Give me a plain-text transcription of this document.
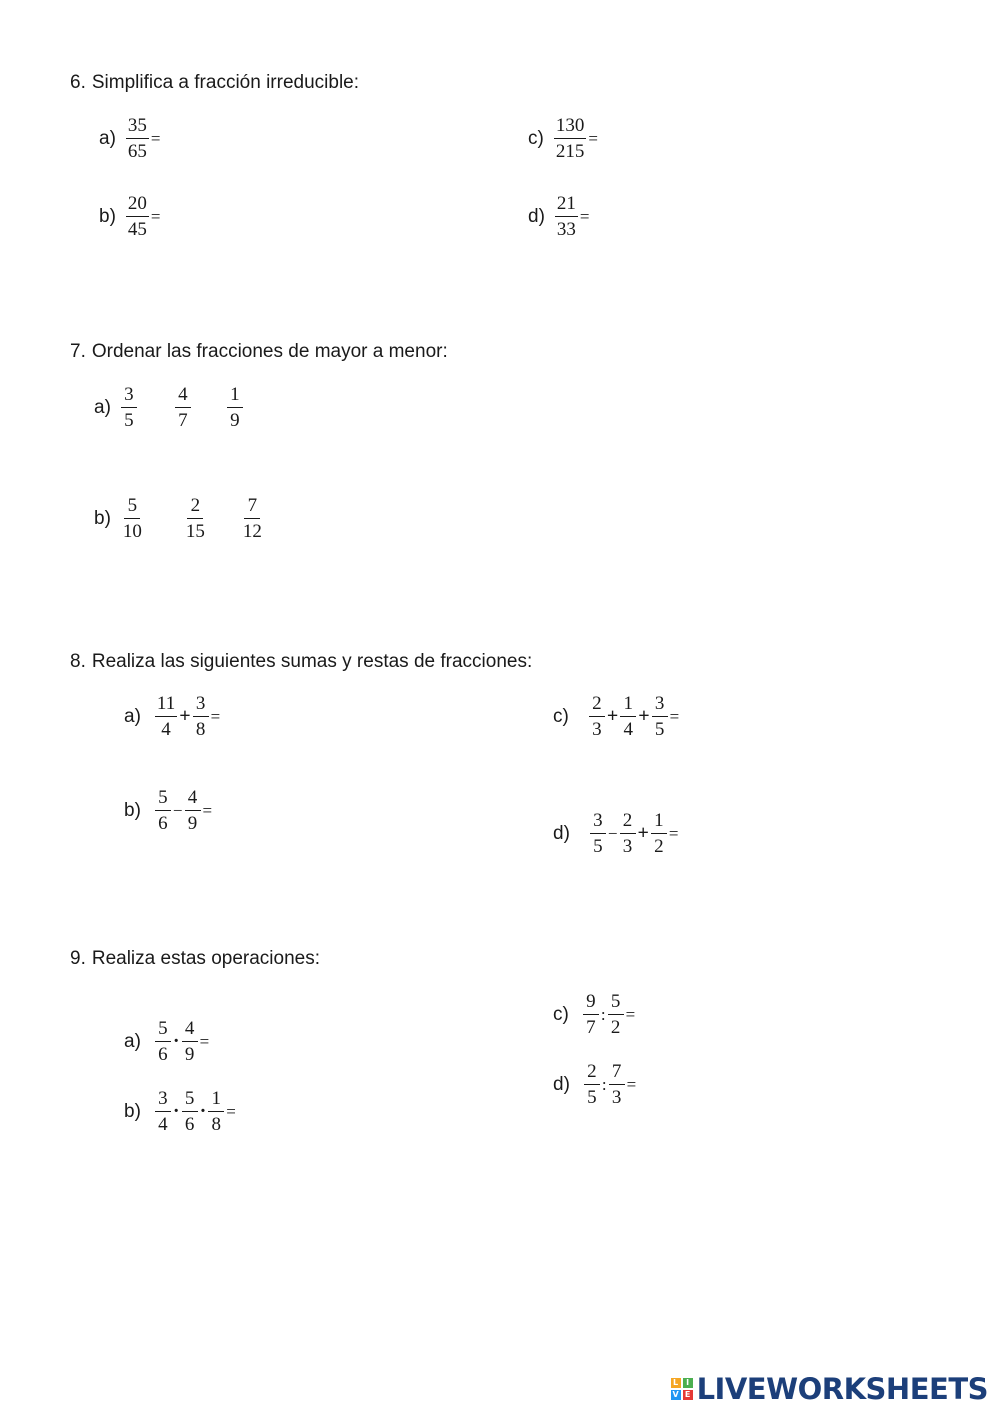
6. Simplifica a fracción irreducible:
$a) \frac{35}{65}$ =
$b) \frac{20}{45}$ =
$c) \frac{130}{215}$ =
$d) \frac{21}{33}$ =
7. Ordenar las fracciones de mayor a menor:
$a) \frac{3}{5} \frac{4}{7} \frac{1}{9}$
$b) \frac{5}{10} \frac{2}{15} \frac{7}{12}$
8. Realiza las siguientes sumas y restas de fracciones:
$a) \frac{11}{4} + \frac{3}{8}$ =
$b) \frac{5}{6} - \frac{4}{9}$ =
$c) \frac{2}{3} + \frac{1}{4} + \frac{3}{5}$ =
$d) \frac{3}{5} - \frac{2}{3} + \frac{1}{2}$ =
9. Realiza estas operaciones:
$a) \frac{5}{6} \cdot \frac{4}{9}$ =
$b) \frac{3}{4} \cdot \frac{5}{6} \cdot \frac{1}{8}$ =
$c) \frac{9}{7}$ : $\frac{5}{2}$ =
$d) \frac{2}{5}$ : $\frac{7}{3}$ =
L I
V E LIVEWORKSHEETS
